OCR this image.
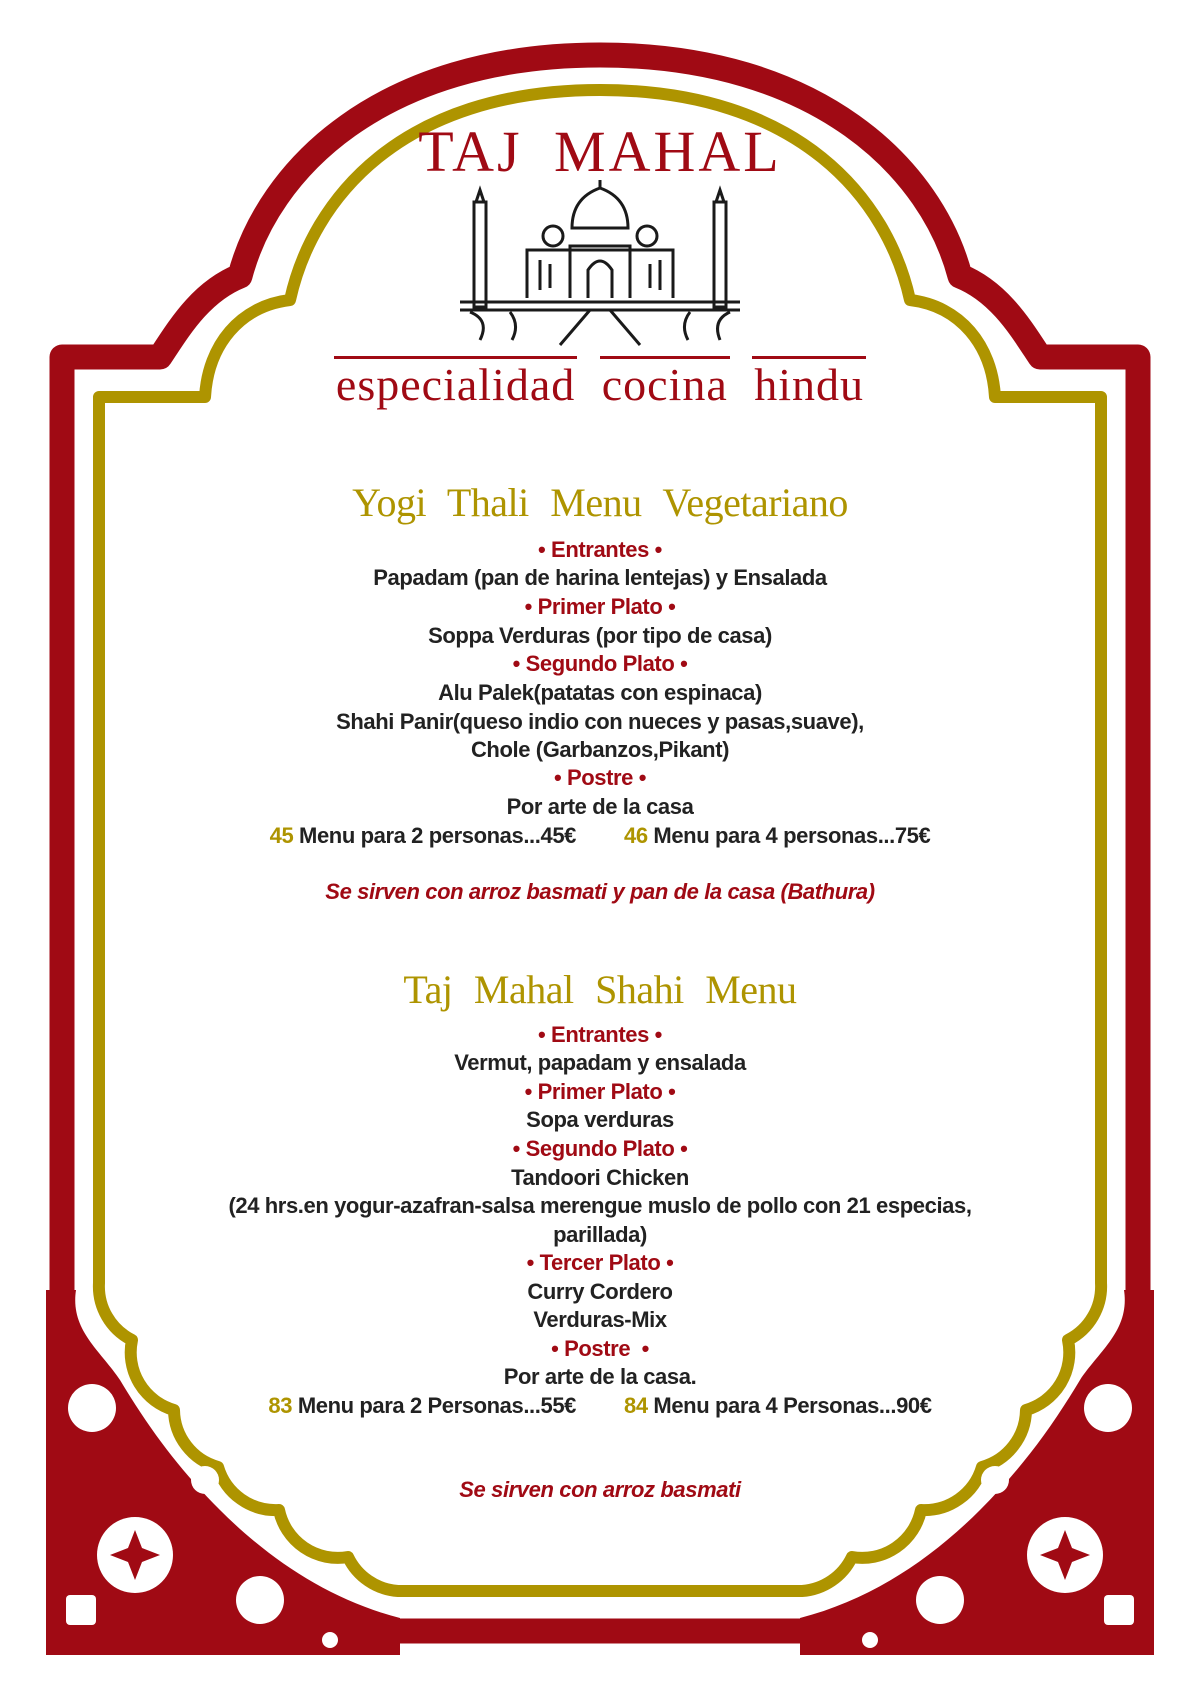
TAJ MAHAL
especialidad cocina hindu
Yogi Thali Menu Vegetariano
• Entrantes •
Papadam (pan de harina lentejas) y Ensalada
• Primer Plato •
Soppa Verduras (por tipo de casa)
• Segundo Plato •
Alu Palek(patatas con espinaca)
Shahi Panir(queso indio con nueces y pasas,suave),
Chole (Garbanzos,Pikant)
• Postre •
Por arte de la casa
45 Menu para 2 personas...45€ 46 Menu para 4 personas...75€
Se sirven con arroz basmati y pan de la casa (Bathura)
Taj Mahal Shahi Menu
• Entrantes •
Vermut, papadam y ensalada
• Primer Plato •
Sopa verduras
• Segundo Plato •
Tandoori Chicken
(24 hrs.en yogur-azafran-salsa merengue muslo de pollo con 21 especias,
parillada)
• Tercer Plato •
Curry Cordero
Verduras-Mix
• Postre  •
Por arte de la casa.
83 Menu para 2 Personas...55€ 84 Menu para 4 Personas...90€
Se sirven con arroz basmati
